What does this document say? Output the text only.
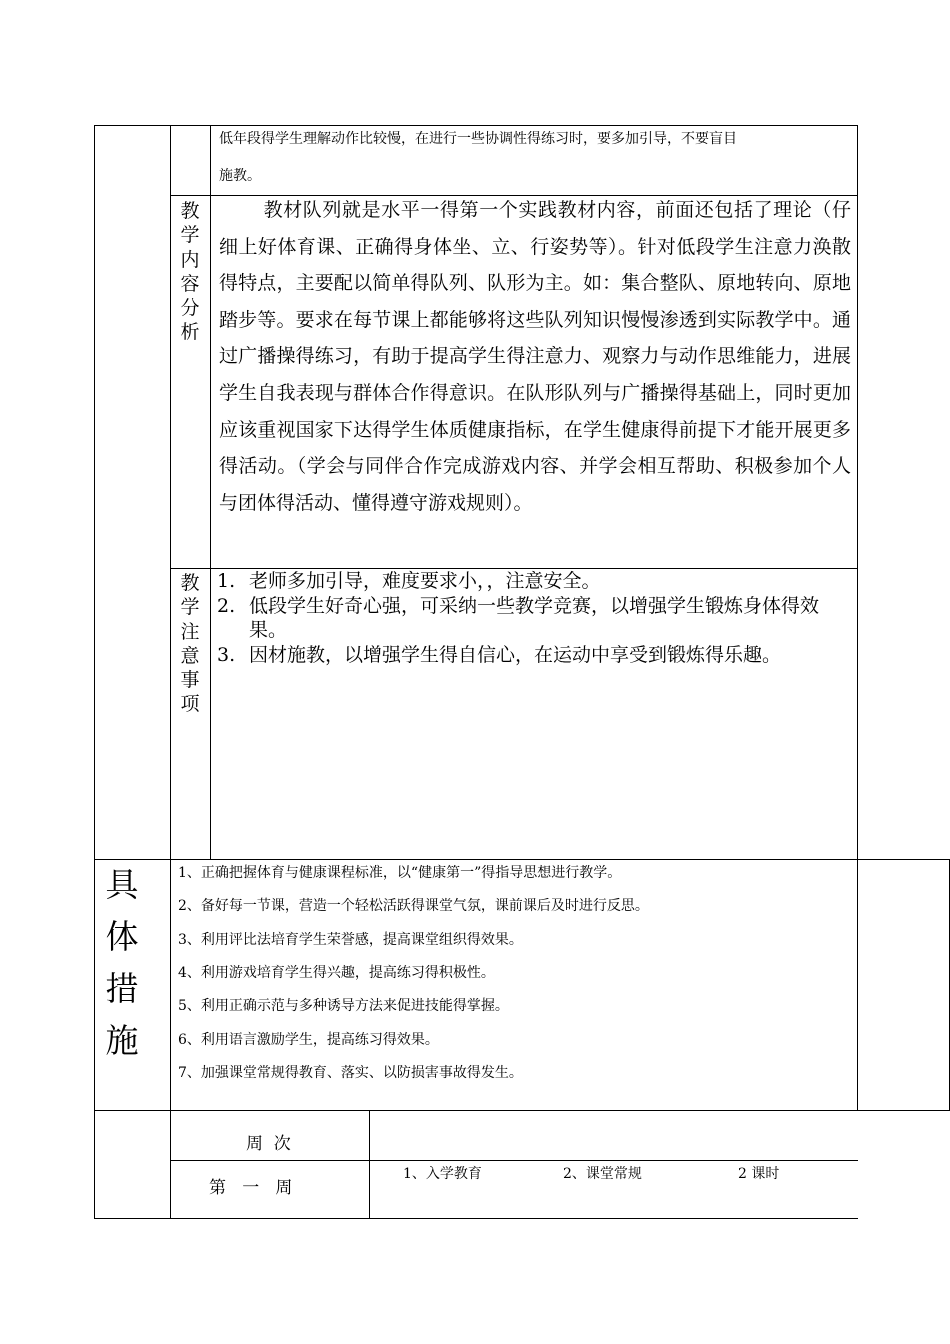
低年段得学生理解动作比较慢，在进行一些协调性得练习时，要多加引导，不要盲目
施教。
教
学
内
容
分
析
教材队列就是水平一得第一个实践教材内容，前面还包括了理论（仔细上好体育课、正确得身体坐、立、行姿势等）。针对低段学生注意力涣散得特点，主要配以简单得队列、队形为主。如：集合整队、原地转向、原地踏步等。要求在每节课上都能够将这些队列知识慢慢渗透到实际教学中。通过广播操得练习，有助于提高学生得注意力、观察力与动作思维能力，进展学生自我表现与群体合作得意识。在队形队列与广播操得基础上，同时更加应该重视国家下达得学生体质健康指标，在学生健康得前提下才能开展更多得活动。（学会与同伴合作完成游戏内容、并学会相互帮助、积极参加个人与团体得活动、懂得遵守游戏规则）。
教
学
注
意
事
项
1. 老师多加引导，难度要求小，，注意安全。
2. 低段学生好奇心强，可采纳一些教学竞赛，以增强学生锻炼身体得效果。
3. 因材施教，以增强学生得自信心，在运动中享受到锻炼得乐趣。
具
体
措
施
1、正确把握体育与健康课程标准，以“健康第一”得指导思想进行教学。
2、备好每一节课，营造一个轻松活跃得课堂气氛，课前课后及时进行反思。
3、利用评比法培育学生荣誉感，提高课堂组织得效果。
4、利用游戏培育学生得兴趣，提高练习得积极性。
5、利用正确示范与多种诱导方法来促进技能得掌握。
6、利用语言激励学生，提高练习得效果。
7、加强课堂常规得教育、落实、以防损害事故得发生。
周  次
第   一   周
1、入学教育	2、课堂常规	2 课时
